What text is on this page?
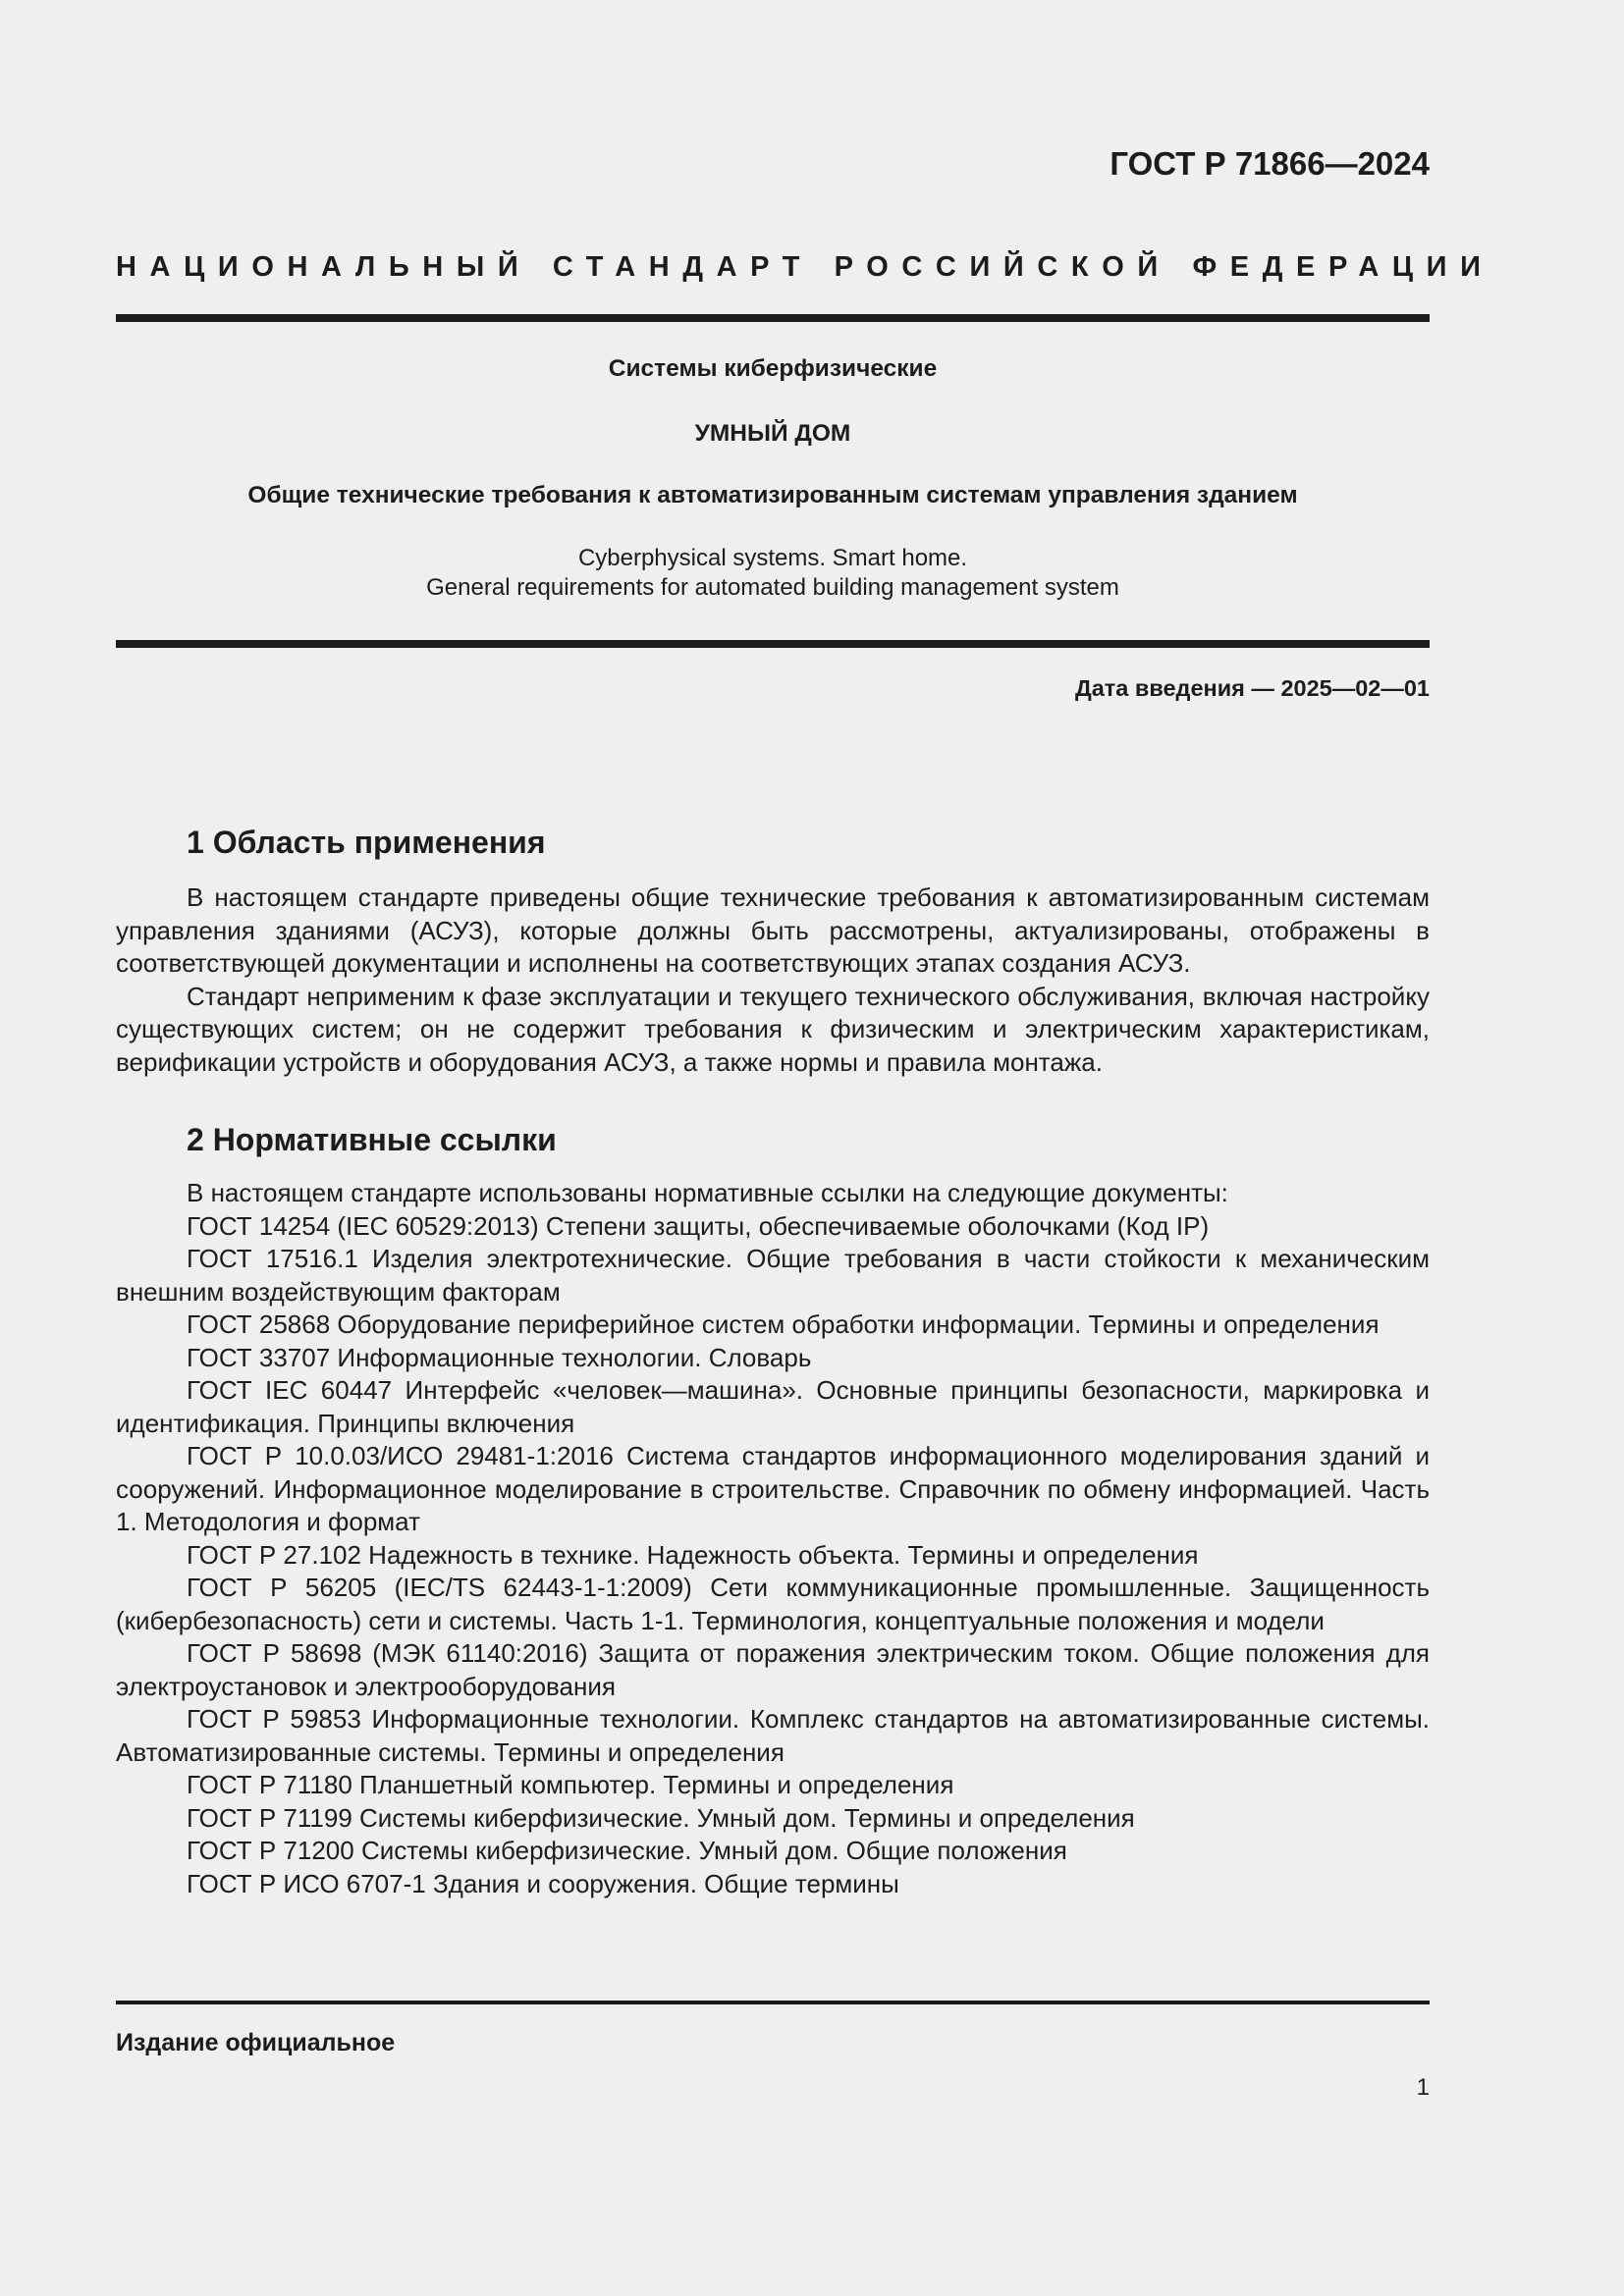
ГОСТ Р 71866—2024
НАЦИОНАЛЬНЫЙ СТАНДАРТ РОССИЙСКОЙ ФЕДЕРАЦИИ
Системы киберфизические
УМНЫЙ ДОМ
Общие технические требования к автоматизированным системам управления зданием
Cyberphysical systems. Smart home.
General requirements for automated building management system
Дата введения — 2025—02—01
1 Область применения

В настоящем стандарте приведены общие технические требования к автоматизированным системам управления зданиями (АСУЗ), которые должны быть рассмотрены, актуализированы, отображены в соответствующей документации и исполнены на соответствующих этапах создания АСУЗ.

Стандарт неприменим к фазе эксплуатации и текущего технического обслуживания, включая настройку существующих систем; он не содержит требования к физическим и электрическим характеристикам, верификации устройств и оборудования АСУЗ, а также нормы и правила монтажа.

2 Нормативные ссылки

В настоящем стандарте использованы нормативные ссылки на следующие документы:

ГОСТ 14254 (IEC 60529:2013) Степени защиты, обеспечиваемые оболочками (Код IP)

ГОСТ 17516.1 Изделия электротехнические. Общие требования в части стойкости к механическим внешним воздействующим факторам

ГОСТ 25868 Оборудование периферийное систем обработки информации. Термины и определения

ГОСТ 33707 Информационные технологии. Словарь

ГОСТ IEC 60447 Интерфейс «человек—машина». Основные принципы безопасности, маркировка и идентификация. Принципы включения

ГОСТ Р 10.0.03/ИСО 29481-1:2016 Система стандартов информационного моделирования зданий и сооружений. Информационное моделирование в строительстве. Справочник по обмену информацией. Часть 1. Методология и формат

ГОСТ Р 27.102 Надежность в технике. Надежность объекта. Термины и определения

ГОСТ Р 56205 (IEC/TS 62443-1-1:2009) Сети коммуникационные промышленные. Защищенность (кибербезопасность) сети и системы. Часть 1-1. Терминология, концептуальные положения и модели

ГОСТ Р 58698 (МЭК 61140:2016) Защита от поражения электрическим током. Общие положения для электроустановок и электрооборудования

ГОСТ Р 59853 Информационные технологии. Комплекс стандартов на автоматизированные системы. Автоматизированные системы. Термины и определения

ГОСТ Р 71180 Планшетный компьютер. Термины и определения

ГОСТ Р 71199 Системы киберфизические. Умный дом. Термины и определения

ГОСТ Р 71200 Системы киберфизические. Умный дом. Общие положения

ГОСТ Р ИСО 6707-1 Здания и сооружения. Общие термины

Издание официальное
1
